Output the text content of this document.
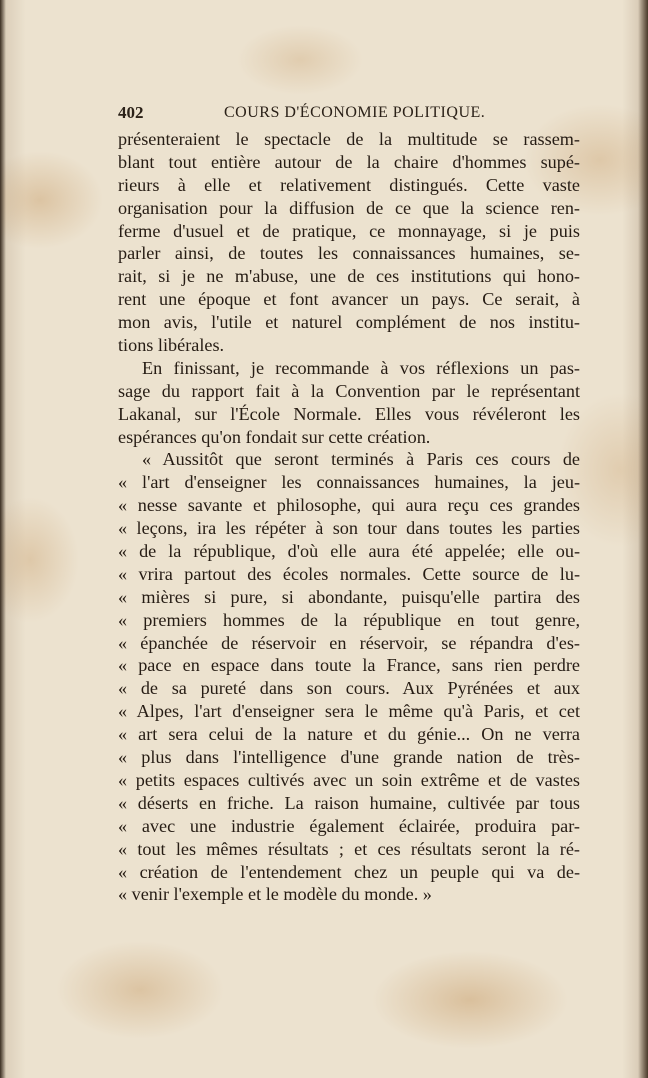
402	COURS D'ÉCONOMIE POLITIQUE.
présenteraient le spectacle de la multitude se rassem-
blant tout entière autour de la chaire d'hommes supé-
rieurs à elle et relativement distingués. Cette vaste
organisation pour la diffusion de ce que la science ren-
ferme d'usuel et de pratique, ce monnayage, si je puis
parler ainsi, de toutes les connaissances humaines, se-
rait, si je ne m'abuse, une de ces institutions qui hono-
rent une époque et font avancer un pays. Ce serait, à
mon avis, l'utile et naturel complément de nos institu-
tions libérales.
En finissant, je recommande à vos réflexions un pas-
sage du rapport fait à la Convention par le représentant
Lakanal, sur l'École Normale. Elles vous révéleront les
espérances qu'on fondait sur cette création.
« Aussitôt que seront terminés à Paris ces cours de
« l'art d'enseigner les connaissances humaines, la jeu-
« nesse savante et philosophe, qui aura reçu ces grandes
« leçons, ira les répéter à son tour dans toutes les parties
« de la république, d'où elle aura été appelée; elle ou-
« vrira partout des écoles normales. Cette source de lu-
« mières si pure, si abondante, puisqu'elle partira des
« premiers hommes de la république en tout genre,
« épanchée de réservoir en réservoir, se répandra d'es-
« pace en espace dans toute la France, sans rien perdre
« de sa pureté dans son cours. Aux Pyrénées et aux
« Alpes, l'art d'enseigner sera le même qu'à Paris, et cet
« art sera celui de la nature et du génie... On ne verra
« plus dans l'intelligence d'une grande nation de très-
« petits espaces cultivés avec un soin extrême et de vastes
« déserts en friche. La raison humaine, cultivée par tous
« avec une industrie également éclairée, produira par-
« tout les mêmes résultats ; et ces résultats seront la ré-
« création de l'entendement chez un peuple qui va de-
« venir l'exemple et le modèle du monde. »
